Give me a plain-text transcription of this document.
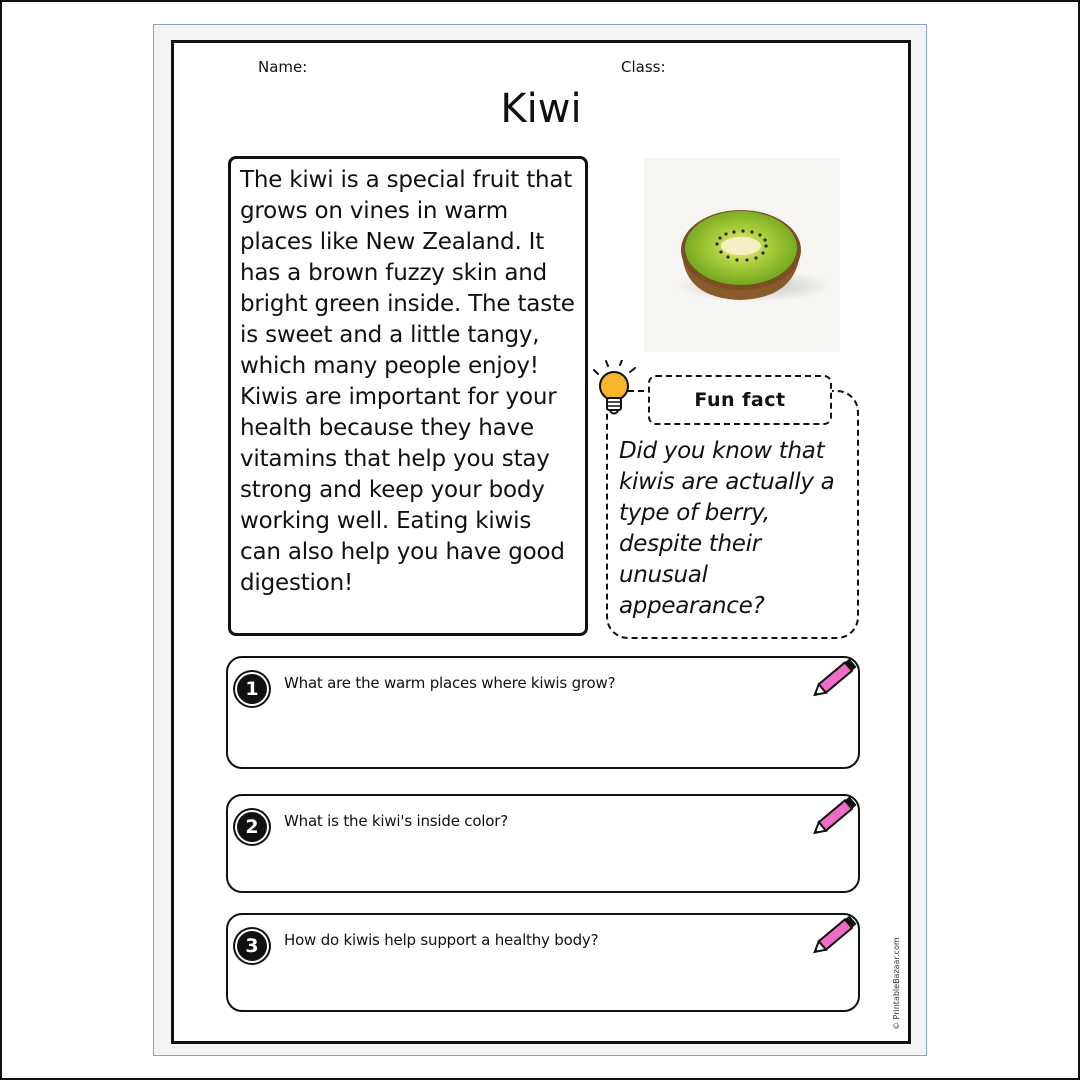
Name:	Class:
Kiwi

The kiwi is a special fruit that grows on vines in warm places like New Zealand. It has a brown fuzzy skin and bright green inside. The taste is sweet and a little tangy, which many people enjoy! Kiwis are important for your health because they have vitamins that help you stay strong and keep your body working well. Eating kiwis can also help you have good digestion!

Fun fact

Did you know that kiwis are actually a type of berry, despite their unusual appearance?

1	What are the warm places where kiwis grow?
2	What is the kiwi's inside color?
3	How do kiwis help support a healthy body?	© PrintableBazaar.com
